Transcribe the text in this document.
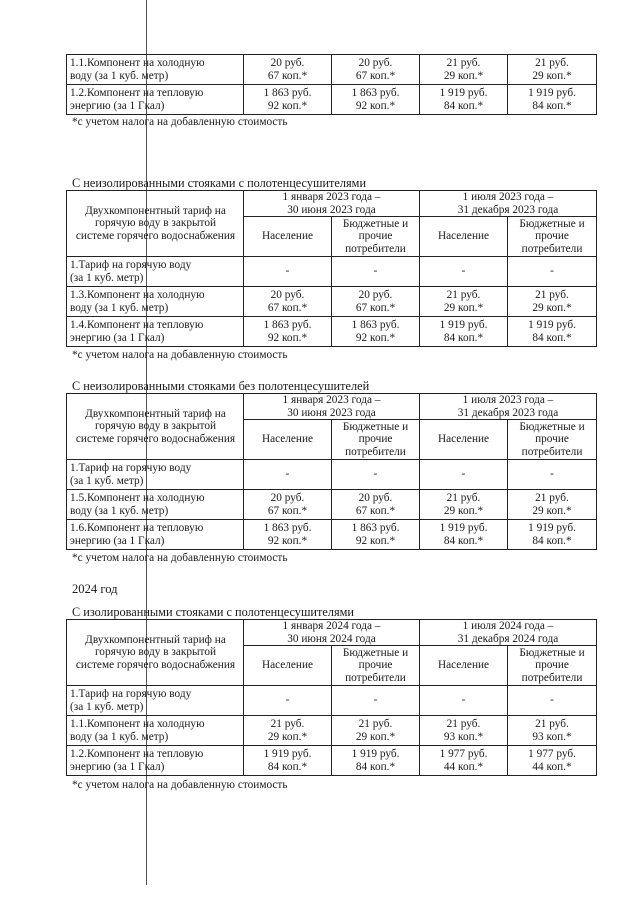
1.1.Компонент на холодную
воду (за 1 куб. метр)	20 руб.
67 коп.*	20 руб.
67 коп.*	21 руб.
29 коп.*	21 руб.
29 коп.*

1.2.Компонент на тепловую
энергию (за 1 Гкал)	1 863 руб.
92 коп.*	1 863 руб.
92 коп.*	1 919 руб.
84 коп.*	1 919 руб.
84 коп.*
*с учетом налога на добавленную стоимость
С неизолированными стояками с полотенцесушителями
Двухкомпонентный тариф на
горячую воду в закрытой
системе горячего водоснабжения	1 января 2023 года –
30 июня 2023 года		1 июля 2023 года –
31 декабря 2023 года	

	Население	Бюджетные и
прочие
потребители	Население	Бюджетные и
прочие
потребители

1.Тариф на горячую воду
(за 1 куб. метр)	-	-	-	-

1.3.Компонент на холодную
воду (за 1 куб. метр)	20 руб.
67 коп.*	20 руб.
67 коп.*	21 руб.
29 коп.*	21 руб.
29 коп.*

1.4.Компонент на тепловую
энергию (за 1 Гкал)	1 863 руб.
92 коп.*	1 863 руб.
92 коп.*	1 919 руб.
84 коп.*	1 919 руб.
84 коп.*
*с учетом налога на добавленную стоимость
С неизолированными стояками без полотенцесушителей
Двухкомпонентный тариф на
горячую воду в закрытой
системе горячего водоснабжения	1 января 2023 года –
30 июня 2023 года		1 июля 2023 года –
31 декабря 2023 года	

	Население	Бюджетные и
прочие
потребители	Население	Бюджетные и
прочие
потребители

1.Тариф на горячую воду
(за 1 куб. метр)	-	-	-	-

1.5.Компонент на холодную
воду (за 1 куб. метр)	20 руб.
67 коп.*	20 руб.
67 коп.*	21 руб.
29 коп.*	21 руб.
29 коп.*

1.6.Компонент на тепловую
энергию (за 1 Гкал)	1 863 руб.
92 коп.*	1 863 руб.
92 коп.*	1 919 руб.
84 коп.*	1 919 руб.
84 коп.*
*с учетом налога на добавленную стоимость
2024 год
С изолированными стояками с полотенцесушителями
Двухкомпонентный тариф на
горячую воду в закрытой
системе горячего водоснабжения	1 января 2024 года –
30 июня 2024 года		1 июля 2024 года –
31 декабря 2024 года	

	Население	Бюджетные и
прочие
потребители	Население	Бюджетные и
прочие
потребители

1.Тариф на горячую воду
(за 1 куб. метр)	-	-	-	-

1.1.Компонент на холодную
воду (за 1 куб. метр)	21 руб.
29 коп.*	21 руб.
29 коп.*	21 руб.
93 коп.*	21 руб.
93 коп.*

1.2.Компонент на тепловую
энергию (за 1 Гкал)	1 919 руб.
84 коп.*	1 919 руб.
84 коп.*	1 977 руб.
44 коп.*	1 977 руб.
44 коп.*
*с учетом налога на добавленную стоимость
